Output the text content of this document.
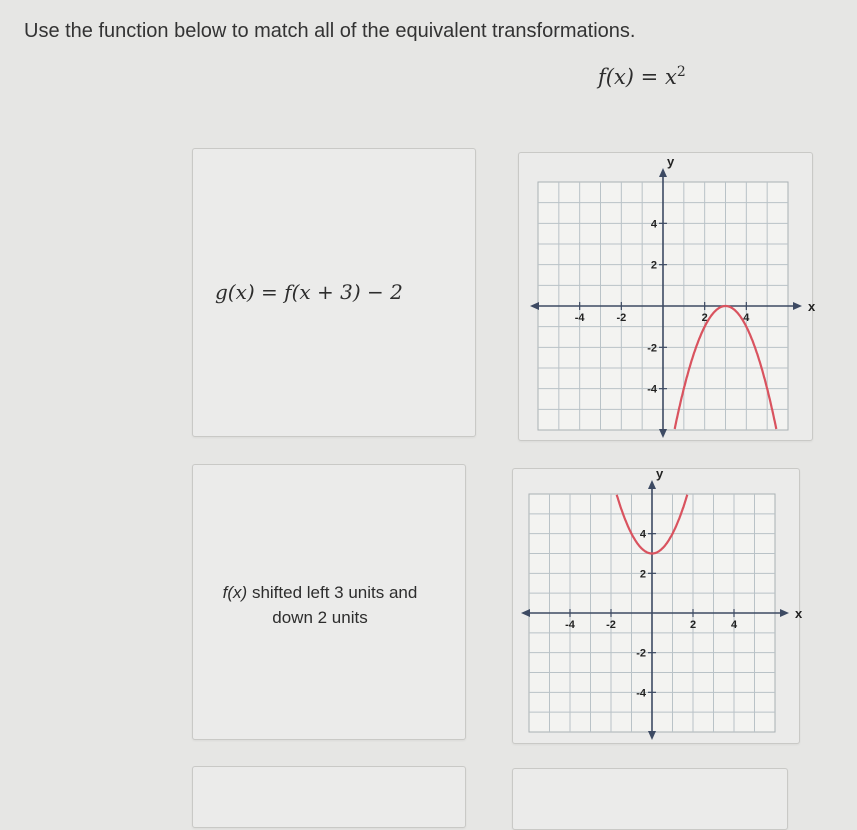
Use the function below to match all of the equivalent transformations.
$f(x) = x^2$
g(x) = f(x + 3) − 2
-4	-2	2	4
4
2
-2
-4
x
y
f(x) shifted left 3 units and down 2 units	-4	-2	2	4
4
2
-2
-4
x
y
